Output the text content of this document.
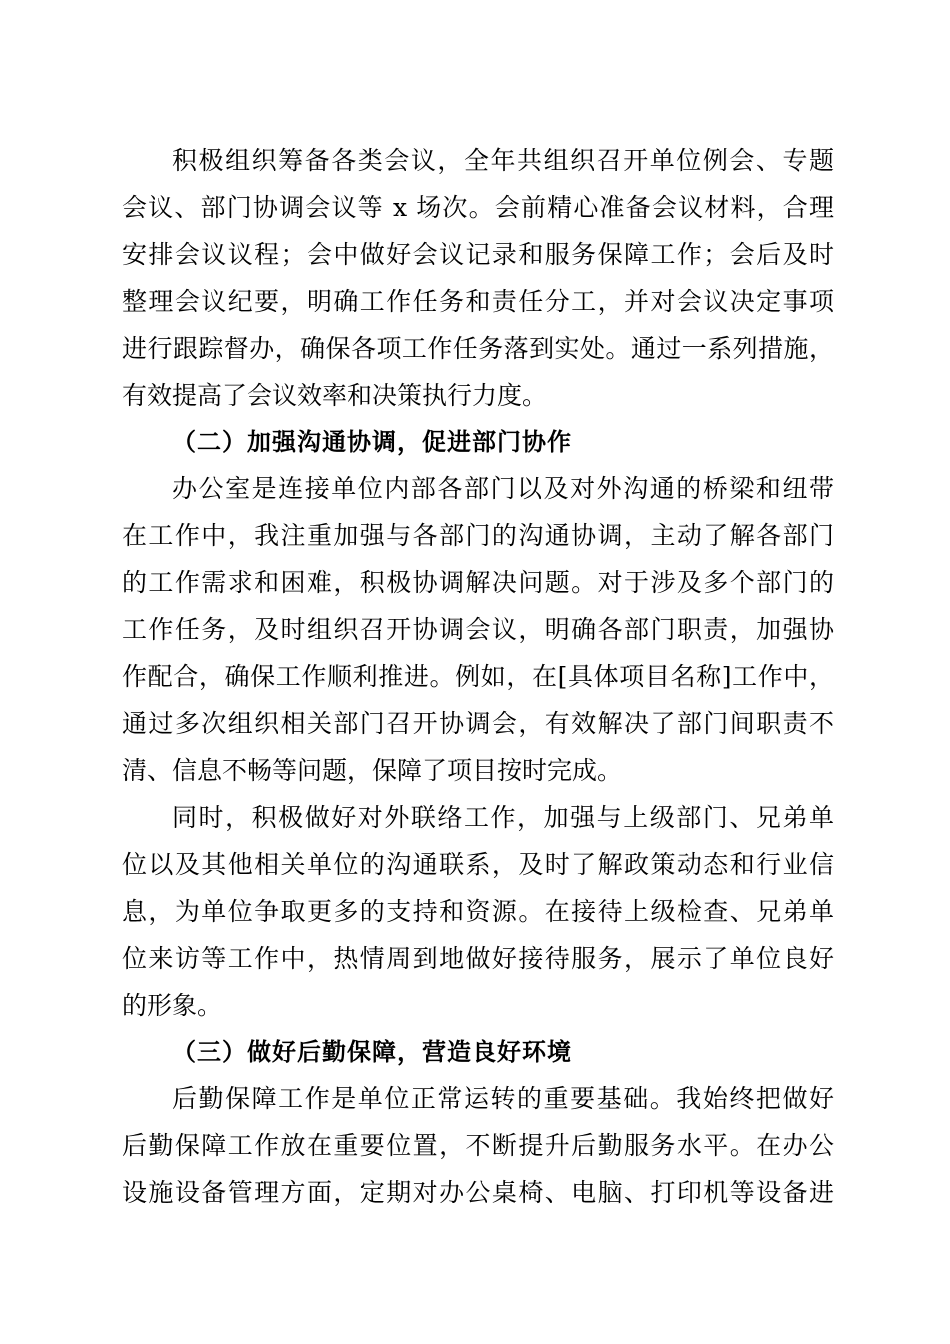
积极组织筹备各类会议，全年共组织召开单位例会、专题
会议、部门协调会议等 x 场次。会前精心准备会议材料，合理
安排会议议程；会中做好会议记录和服务保障工作；会后及时
整理会议纪要，明确工作任务和责任分工，并对会议决定事项
进行跟踪督办，确保各项工作任务落到实处。通过一系列措施，
有效提高了会议效率和决策执行力度。
（二）加强沟通协调，促进部门协作
办公室是连接单位内部各部门以及对外沟通的桥梁和纽带
在工作中，我注重加强与各部门的沟通协调，主动了解各部门
的工作需求和困难，积极协调解决问题。对于涉及多个部门的
工作任务，及时组织召开协调会议，明确各部门职责，加强协
作配合，确保工作顺利推进。例如，在[具体项目名称]工作中，
通过多次组织相关部门召开协调会，有效解决了部门间职责不
清、信息不畅等问题，保障了项目按时完成。
同时，积极做好对外联络工作，加强与上级部门、兄弟单
位以及其他相关单位的沟通联系，及时了解政策动态和行业信
息，为单位争取更多的支持和资源。在接待上级检查、兄弟单
位来访等工作中，热情周到地做好接待服务，展示了单位良好
的形象。
（三）做好后勤保障，营造良好环境
后勤保障工作是单位正常运转的重要基础。我始终把做好
后勤保障工作放在重要位置，不断提升后勤服务水平。在办公
设施设备管理方面，定期对办公桌椅、电脑、打印机等设备进
